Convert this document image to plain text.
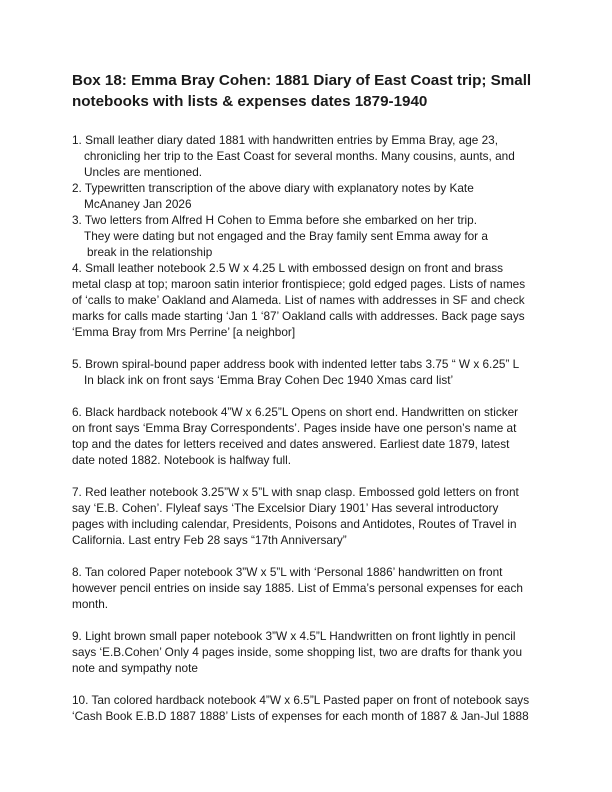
Box 18: Emma Bray Cohen: 1881 Diary of East Coast trip; Small
notebooks with lists & expenses dates 1879-1940

1. Small leather diary dated 1881 with handwritten entries by Emma Bray, age 23,
chronicling her trip to the East Coast for several months. Many cousins, aunts, and
Uncles are mentioned.

2. Typewritten transcription of the above diary with explanatory notes by Kate
McAnaney Jan 2026

3. Two letters from Alfred H Cohen to Emma before she embarked on her trip.
They were dating but not engaged and the Bray family sent Emma away for a
break in the relationship

4. Small leather notebook 2.5 W x 4.25 L with embossed design on front and brass
metal clasp at top; maroon satin interior frontispiece; gold edged pages. Lists of names
of ‘calls to make’ Oakland and Alameda. List of names with addresses in SF and check
marks for calls made starting ‘Jan 1 ‘87’ Oakland calls with addresses. Back page says
‘Emma Bray from Mrs Perrine’ [a neighbor]

5. Brown spiral-bound paper address book with indented letter tabs 3.75 “ W x 6.25” L
In black ink on front says ‘Emma Bray Cohen Dec 1940 Xmas card list’

6. Black hardback notebook 4”W x 6.25”L Opens on short end. Handwritten on sticker
on front says ‘Emma Bray Correspondents’. Pages inside have one person’s name at
top and the dates for letters received and dates answered. Earliest date 1879, latest
date noted 1882. Notebook is halfway full.

7. Red leather notebook 3.25”W x 5”L with snap clasp. Embossed gold letters on front
say ‘E.B. Cohen’. Flyleaf says ‘The Excelsior Diary 1901’ Has several introductory
pages with including calendar, Presidents, Poisons and Antidotes, Routes of Travel in
California. Last entry Feb 28 says “17th Anniversary”

8. Tan colored Paper notebook 3”W x 5”L with ‘Personal 1886’ handwritten on front
however pencil entries on inside say 1885. List of Emma’s personal expenses for each
month.

9. Light brown small paper notebook 3”W x 4.5”L Handwritten on front lightly in pencil
says ‘E.B.Cohen’ Only 4 pages inside, some shopping list, two are drafts for thank you
note and sympathy note

10. Tan colored hardback notebook 4”W x 6.5”L Pasted paper on front of notebook says
‘Cash Book E.B.D 1887 1888’ Lists of expenses for each month of 1887 & Jan-Jul 1888
